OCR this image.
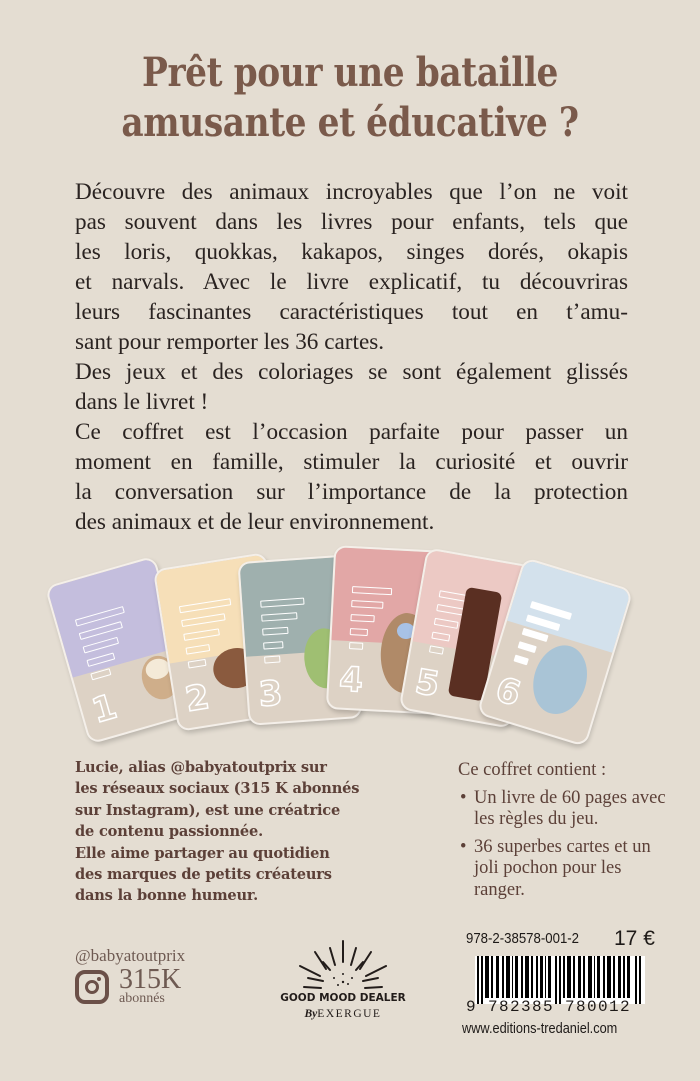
Prêt pour une bataille
amusante et éducative ?

Découvre des animaux incroyables que l’on ne voit
pas souvent dans les livres pour enfants, tels que
les loris, quokkas, kakapos, singes dorés, okapis
et narvals. Avec le livre explicatif, tu découvriras
leurs fascinantes caractéristiques tout en t’amu-
sant pour remporter les 36 cartes.

Des jeux et des coloriages se sont également glissés
dans le livret !

Ce coffret est l’occasion parfaite pour passer un
moment en famille, stimuler la curiosité et ouvrir
la conversation sur l’importance de la protection
des animaux et de leur environnement.

1 2 3 4 5 6
Lucie, alias @babyatoutprix sur
les réseaux sociaux (315 K abonnés
sur Instagram), est une créatrice
de contenu passionnée.
Elle aime partager au quotidien
des marques de petits créateurs
dans la bonne humeur.
Ce coffret contient :
• Un livre de 60 pages avec les règles du jeu.
• 36 superbes cartes et un joli pochon pour les ranger.
@babyatoutprix
315K
abonnés	GOOD MOOD DEALER
ByEXERGUE
978-2-38578-001-2 17 €
9 782385 780012
www.editions-tredaniel.com
